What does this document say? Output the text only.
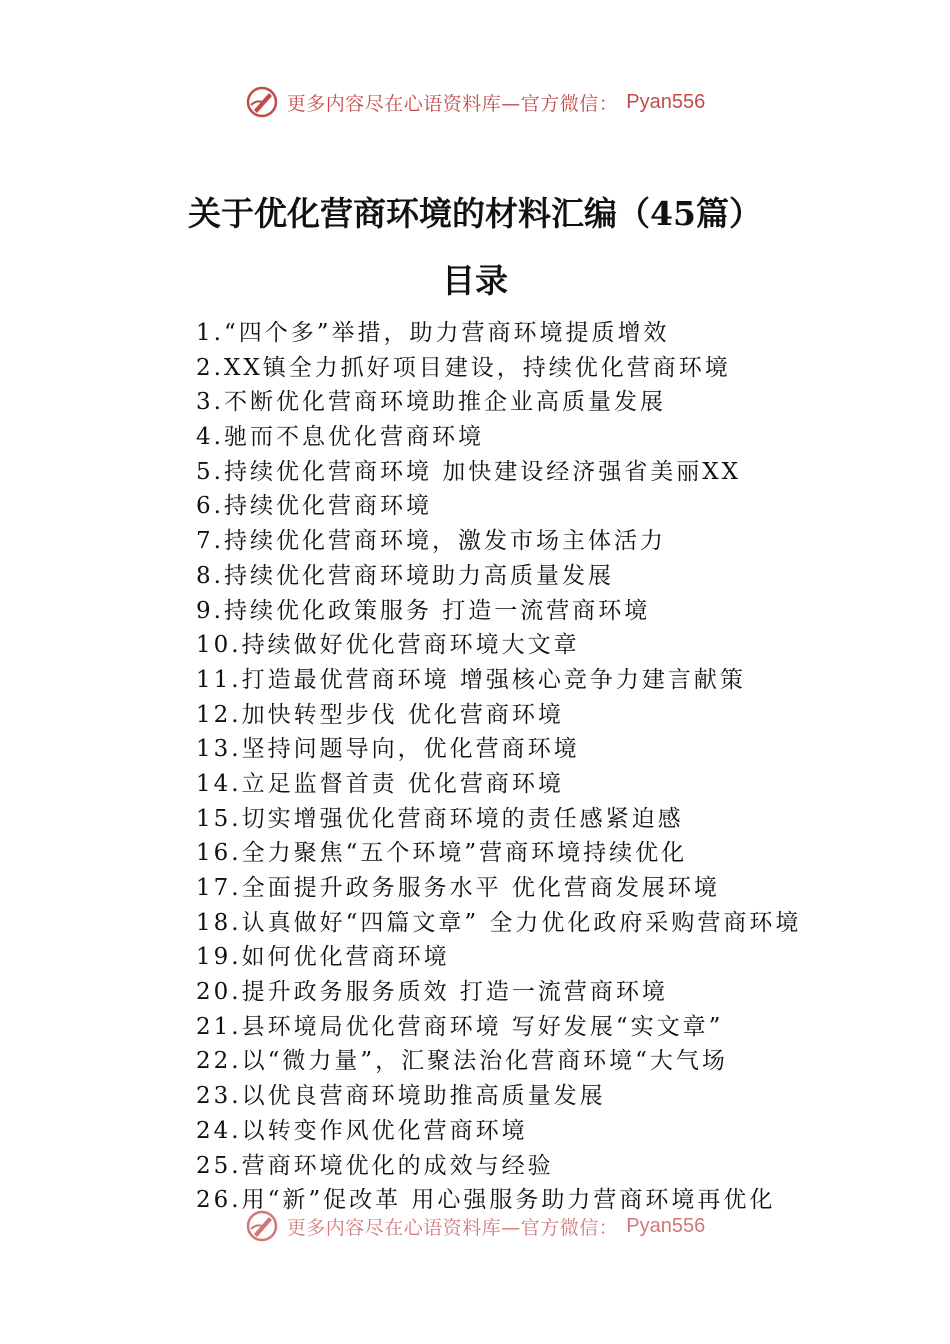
更多内容尽在心语资料库—官方微信： Pyan556
关于优化营商环境的材料汇编（45篇）
目录
1.“四个多”举措，助力营商环境提质增效
2.XX镇全力抓好项目建设，持续优化营商环境
3.不断优化营商环境助推企业高质量发展
4.驰而不息优化营商环境
5.持续优化营商环境 加快建设经济强省美丽XX
6.持续优化营商环境
7.持续优化营商环境，激发市场主体活力
8.持续优化营商环境助力高质量发展
9.持续优化政策服务 打造一流营商环境
10.持续做好优化营商环境大文章
11.打造最优营商环境 增强核心竞争力建言献策
12.加快转型步伐 优化营商环境
13.坚持问题导向，优化营商环境
14.立足监督首责 优化营商环境
15.切实增强优化营商环境的责任感紧迫感
16.全力聚焦“五个环境”营商环境持续优化
17.全面提升政务服务水平 优化营商发展环境
18.认真做好“四篇文章” 全力优化政府采购营商环境
19.如何优化营商环境
20.提升政务服务质效 打造一流营商环境
21.县环境局优化营商环境 写好发展“实文章”
22.以“微力量”，汇聚法治化营商环境“大气场
23.以优良营商环境助推高质量发展
24.以转变作风优化营商环境
25.营商环境优化的成效与经验
26.用“新”促改革 用心强服务助力营商环境再优化
更多内容尽在心语资料库—官方微信： Pyan556
